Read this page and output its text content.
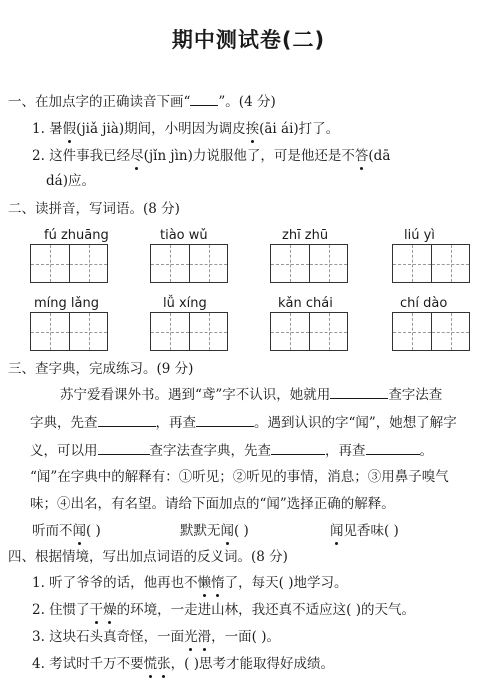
期中测试卷(二)
一、在加点字的正确读音下画“ ”。(4 分)
1. 暑假(jiǎ jià)期间，小明因为调皮挨(āi ái)打了。
2. 这件事我已经尽(jǐn jìn)力说服他了，可是他还是不答(dā
dá)应。
二、读拼音，写词语。(8 分)
fú zhuāng	tiào wǔ	zhī zhū	liú yì
míng lǎng	lǚ xíng	kǎn chái	chí dào
三、查字典，完成练习。(9 分)
苏宁爱看课外书。遇到“鸢”字不认识，她就用	查字法查
字典，先查	，再查	。遇到认识的字“闻”，她想了解字
义，可以用	查字法查字典，先查	，再查	。
“闻”在字典中的解释有：①听见；②听见的事情，消息；③用鼻子嗅气
味；④出名，有名望。请给下面加点的“闻”选择正确的解释。
听而不闻( )	默默无闻( )	闻见香味( )
四、根据情境，写出加点词语的反义词。(8 分)
1. 听了爷爷的话，他再也不懒惰了，每天( )地学习。
2. 住惯了干燥的环境，一走进山林，我还真不适应这( )的天气。
3. 这块石头真奇怪，一面光滑，一面( )。
4. 考试时千万不要慌张，( )思考才能取得好成绩。
